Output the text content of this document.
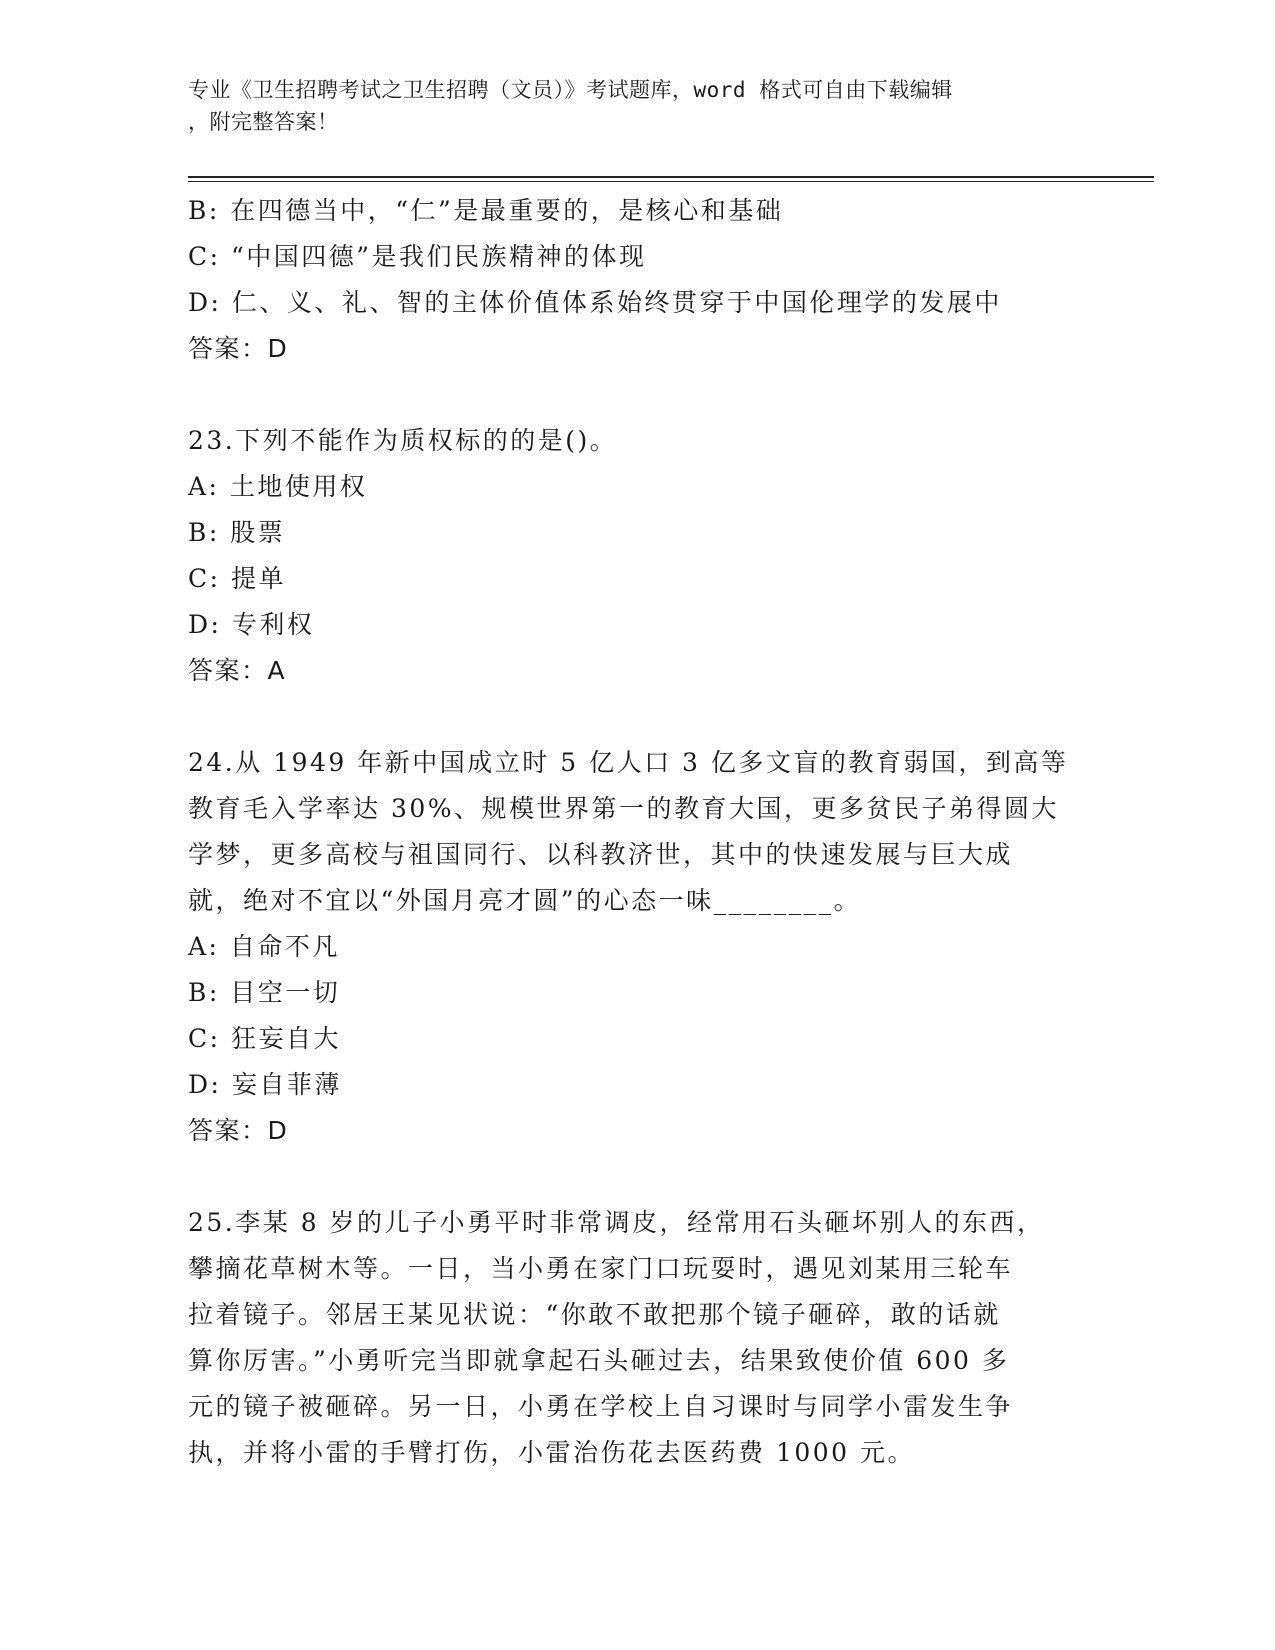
专业《卫生招聘考试之卫生招聘（文员）》考试题库，word 格式可自由下载编辑
，附完整答案！
B: 在四德当中，“仁”是最重要的，是核心和基础
C: “中国四德”是我们民族精神的体现
D: 仁、义、礼、智的主体价值体系始终贯穿于中国伦理学的发展中
答案：D
23.下列不能作为质权标的的是()。
A: 土地使用权
B: 股票
C: 提单
D: 专利权
答案：A
24.从 1949 年新中国成立时 5 亿人口 3 亿多文盲的教育弱国，到高等
教育毛入学率达 30%、规模世界第一的教育大国，更多贫民子弟得圆大
学梦，更多高校与祖国同行、以科教济世，其中的快速发展与巨大成
就，绝对不宜以“外国月亮才圆”的心态一味________。
A: 自命不凡
B: 目空一切
C: 狂妄自大
D: 妄自菲薄
答案：D
25.李某 8 岁的儿子小勇平时非常调皮，经常用石头砸坏别人的东西，
攀摘花草树木等。一日，当小勇在家门口玩耍时，遇见刘某用三轮车
拉着镜子。邻居王某见状说：“你敢不敢把那个镜子砸碎，敢的话就
算你厉害。”小勇听完当即就拿起石头砸过去，结果致使价值 600 多
元的镜子被砸碎。另一日，小勇在学校上自习课时与同学小雷发生争
执，并将小雷的手臂打伤，小雷治伤花去医药费 1000 元。
